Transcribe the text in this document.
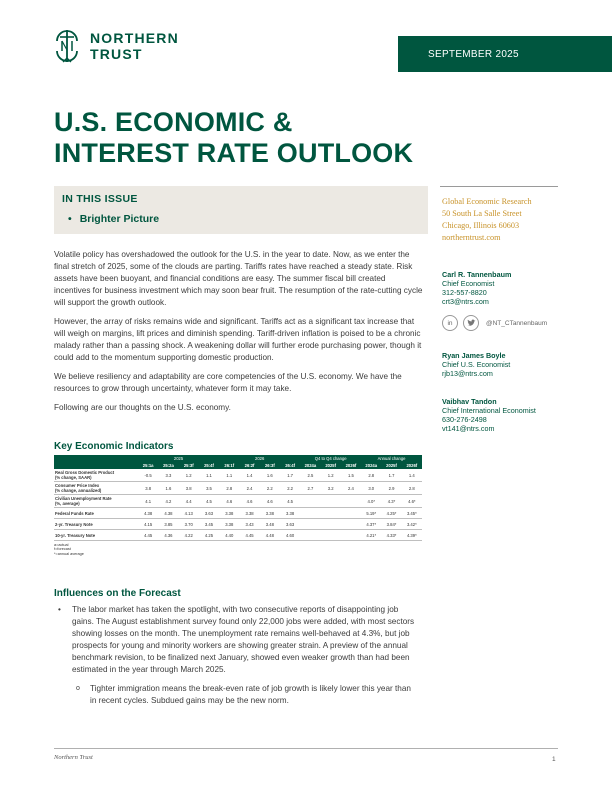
NORTHERN
TRUST	SEPTEMBER 2025
U.S. ECONOMIC &
INTEREST RATE OUTLOOK
IN THIS ISSUE
• Brighter Picture

Volatile policy has overshadowed the outlook for the U.S. in the year to date. Now, as we enter the final stretch of 2025, some of the clouds are parting. Tariffs rates have reached a steady state. Risk assets have been buoyant, and financial conditions are easy. The summer fiscal bill created incentives for business investment which may soon bear fruit. The resumption of the rate-cutting cycle will support the growth outlook.

However, the array of risks remains wide and significant. Tariffs act as a significant tax increase that will weigh on margins, lift prices and diminish spending. Tariff-driven inflation is poised to be a chronic malady rather than a passing shock. A weakening dollar will further erode purchasing power, though it could add to the momentum supporting domestic production.

We believe resiliency and adaptability are core competencies of the U.S. economy. We have the resources to grow through uncertainty, whatever form it may take.

Following are our thoughts on the U.S. economy.

Key Economic Indicators
	2025				2026				Q4 to Q4 change			Annual change		
	25:1a	25:2a	25:3f	25:4f	26:1f	26:2f	26:3f	26:4f	2024a	2025f	2026f	2024a	2025f	2026f

Real Gross Domestic Product
(% change, SAAR)	-0.5	3.3	1.2	1.1	1.1	1.4	1.6	1.7	2.5	1.2	1.5	2.8	1.7	1.4

Consumer Price Index
(% change, annualized)	3.8	1.6	3.8	3.5	2.8	2.4	2.2	2.2	2.7	3.2	2.4	3.0	2.9	2.8

Civilian Unemployment Rate
(%, average)	4.1	4.2	4.4	4.5	4.6	4.6	4.6	4.5				4.0*	4.3*	4.6*

Federal Funds Rate	4.38	4.38	4.13	3.63	3.38	3.38	3.38	3.38				5.19*	4.25*	3.45*

2-yr. Treasury Note	4.15	3.85	3.70	3.45	3.38	3.43	3.48	3.63				4.37*	3.84*	3.42*

10-yr. Treasury Note	4.45	4.36	4.22	4.25	4.40	4.45	4.48	4.60				4.21*	4.33*	4.39*
a=actual
f=forecast
*=annual average
Influences on the Forecast
• The labor market has taken the spotlight, with two consecutive reports of disappointing job gains. The August establishment survey found only 22,000 jobs were added, with most sectors showing losses on the month. The unemployment rate remains well-behaved at 4.3%, but job prospects for young and minority workers are showing greater strain. A preview of the annual benchmark revision, to be finalized next January, showed even weaker growth than had been estimated in the year through March 2025.
o Tighter immigration means the break-even rate of job growth is likely lower this year than in recent cycles. Subdued gains may be the new norm.
Global Economic Research
50 South La Salle Street
Chicago, Illinois 60603
northerntrust.com
Carl R. Tannenbaum
Chief Economist
312-557-8820
crt3@ntrs.com
in	@NT_CTannenbaum
Ryan James Boyle
Chief U.S. Economist
rjb13@ntrs.com
Vaibhav Tandon
Chief International Economist
630-276-2498
vt141@ntrs.com
Northern Trust	1
